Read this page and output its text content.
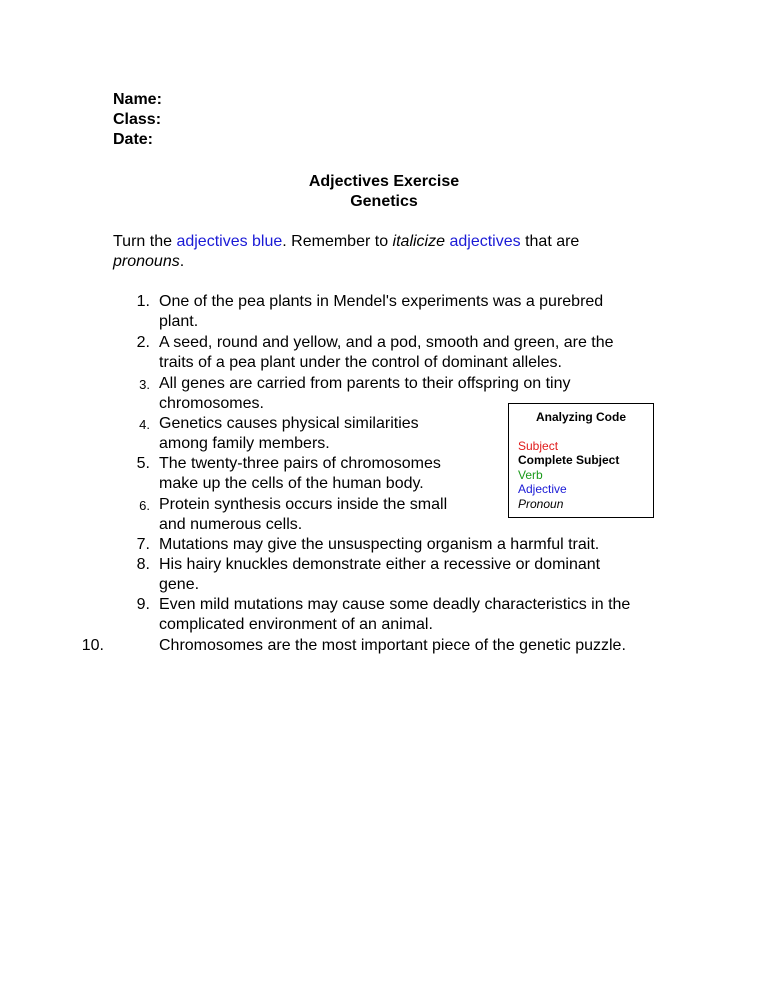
Name:
Class:
Date:
Adjectives Exercise
Genetics
Turn the adjectives blue. Remember to italicize adjectives that are
pronouns.
1. One of the pea plants in Mendel's experiments was a purebred
plant.
2. A seed, round and yellow, and a pod, smooth and green, are the
traits of a pea plant under the control of dominant alleles.
3. All genes are carried from parents to their offspring on tiny
chromosomes.
4. Genetics causes physical similarities
among family members.
5. The twenty-three pairs of chromosomes
make up the cells of the human body.
6. Protein synthesis occurs inside the small
and numerous cells.
7. Mutations may give the unsuspecting organism a harmful trait.
8. His hairy knuckles demonstrate either a recessive or dominant
gene.
9. Even mild mutations may cause some deadly characteristics in the
complicated environment of an animal.
10.	Chromosomes are the most important piece of the genetic puzzle.
Analyzing Code
Subject
Complete Subject
Verb
Adjective
Pronoun
